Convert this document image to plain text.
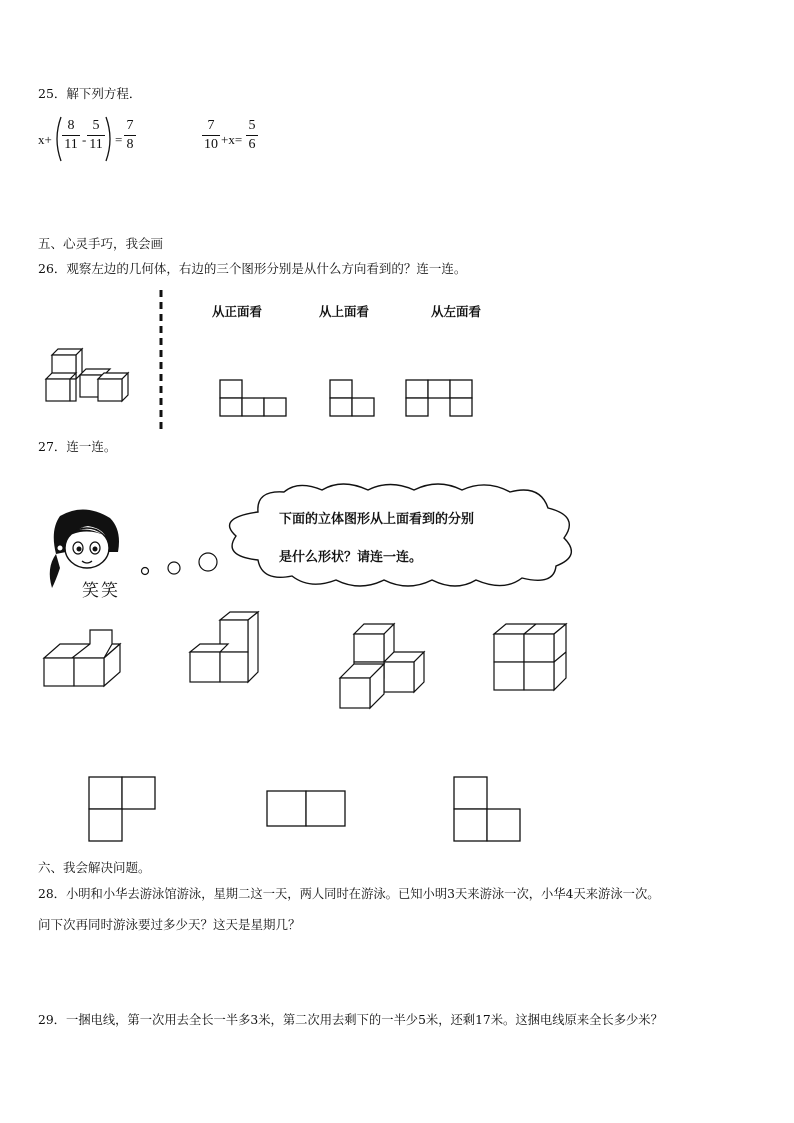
25．解下列方程．
x+
8
11 -
5
11 =
7
8
7
10 +x=
5
6
五、心灵手巧，我会画
26．观察左边的几何体，右边的三个图形分别是从什么方向看到的？连一连。
从正面看	从上面看	从左面看
27．连一连。
笑笑
下面的立体图形从上面看到的分别
是什么形状？请连一连。
六、我会解决问题。
28．小明和小华去游泳馆游泳，星期二这一天，两人同时在游泳。已知小明3天来游泳一次，小华4天来游泳一次。
问下次再同时游泳要过多少天？这天是星期几？
29．一捆电线，第一次用去全长一半多3米，第二次用去剩下的一半少5米，还剩17米。这捆电线原来全长多少米？
